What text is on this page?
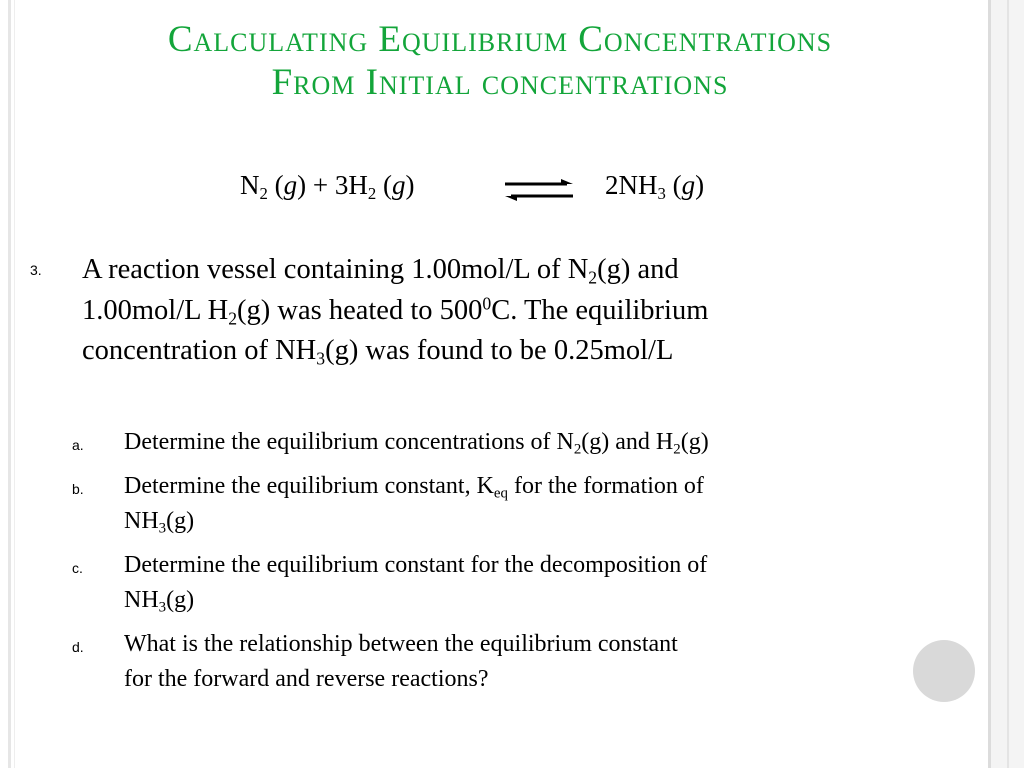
Calculating Equilibrium Concentrations
From Initial concentrations
$N_2$ $(g) + 3H_2$ (g)	⇌ $2NH_3$ (g)
3. A reaction vessel containing 1.00mol/L of $N_2(g)$ and
1.00mol/L $H_2(g)$ was heated to $500^0C$. The equilibrium
concentration of $NH_3(g)$ was found to be 0.25mol/L
a. Determine the equilibrium concentrations of $N_2(g)$ and $H_2(g)$
b. Determine the equilibrium constant, $K_{eq}$ for the formation of
$NH_3(g)$
c. Determine the equilibrium constant for the decomposition of
$NH_3(g)$
d. What is the relationship between the equilibrium constant
for the forward and reverse reactions?
